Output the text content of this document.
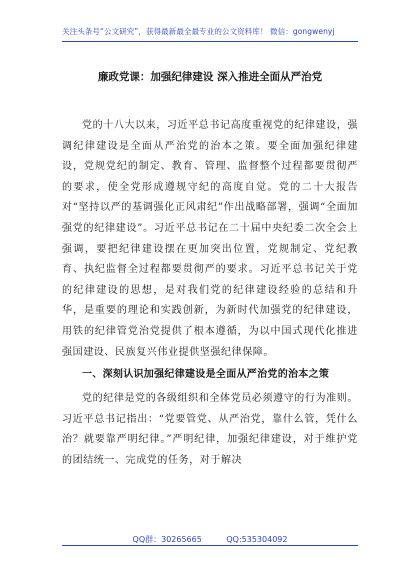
关注头条号“公文研究”，获得最新最全最专业的公文资料库！ 微信：gongwenyj
廉政党课：加强纪律建设 深入推进全面从严治党

党的十八大以来，习近平总书记高度重视党的纪律建设，强调纪律建设是全面从严治党的治本之策。要全面加强纪律建设，党规党纪的制定、教育、管理、监督整个过程都要贯彻严的要求，使全党形成遵规守纪的高度自觉。党的二十大报告对“坚持以严的基调强化正风肃纪”作出战略部署，强调“全面加强党的纪律建设”。习近平总书记在二十届中央纪委二次全会上强调，要把纪律建设摆在更加突出位置，党规制定、党纪教育、执纪监督全过程都要贯彻严的要求。习近平总书记关于党的纪律建设的思想，是对我们党的纪律建设经验的总结和升华，是重要的理论和实践创新，为新时代加强党的纪律建设，用铁的纪律管党治党提供了根本遵循，为以中国式现代化推进强国建设、民族复兴伟业提供坚强纪律保障。

一、深刻认识加强纪律建设是全面从严治党的治本之策

党的纪律是党的各级组织和全体党员必须遵守的行为准则。习近平总书记指出：“党要管党、从严治党，靠什么管，凭什么治？就要靠严明纪律。”严明纪律，加强纪律建设，对于维护党的团结统一、完成党的任务，对于解决

QQ群：30265665	QQ:535304092
